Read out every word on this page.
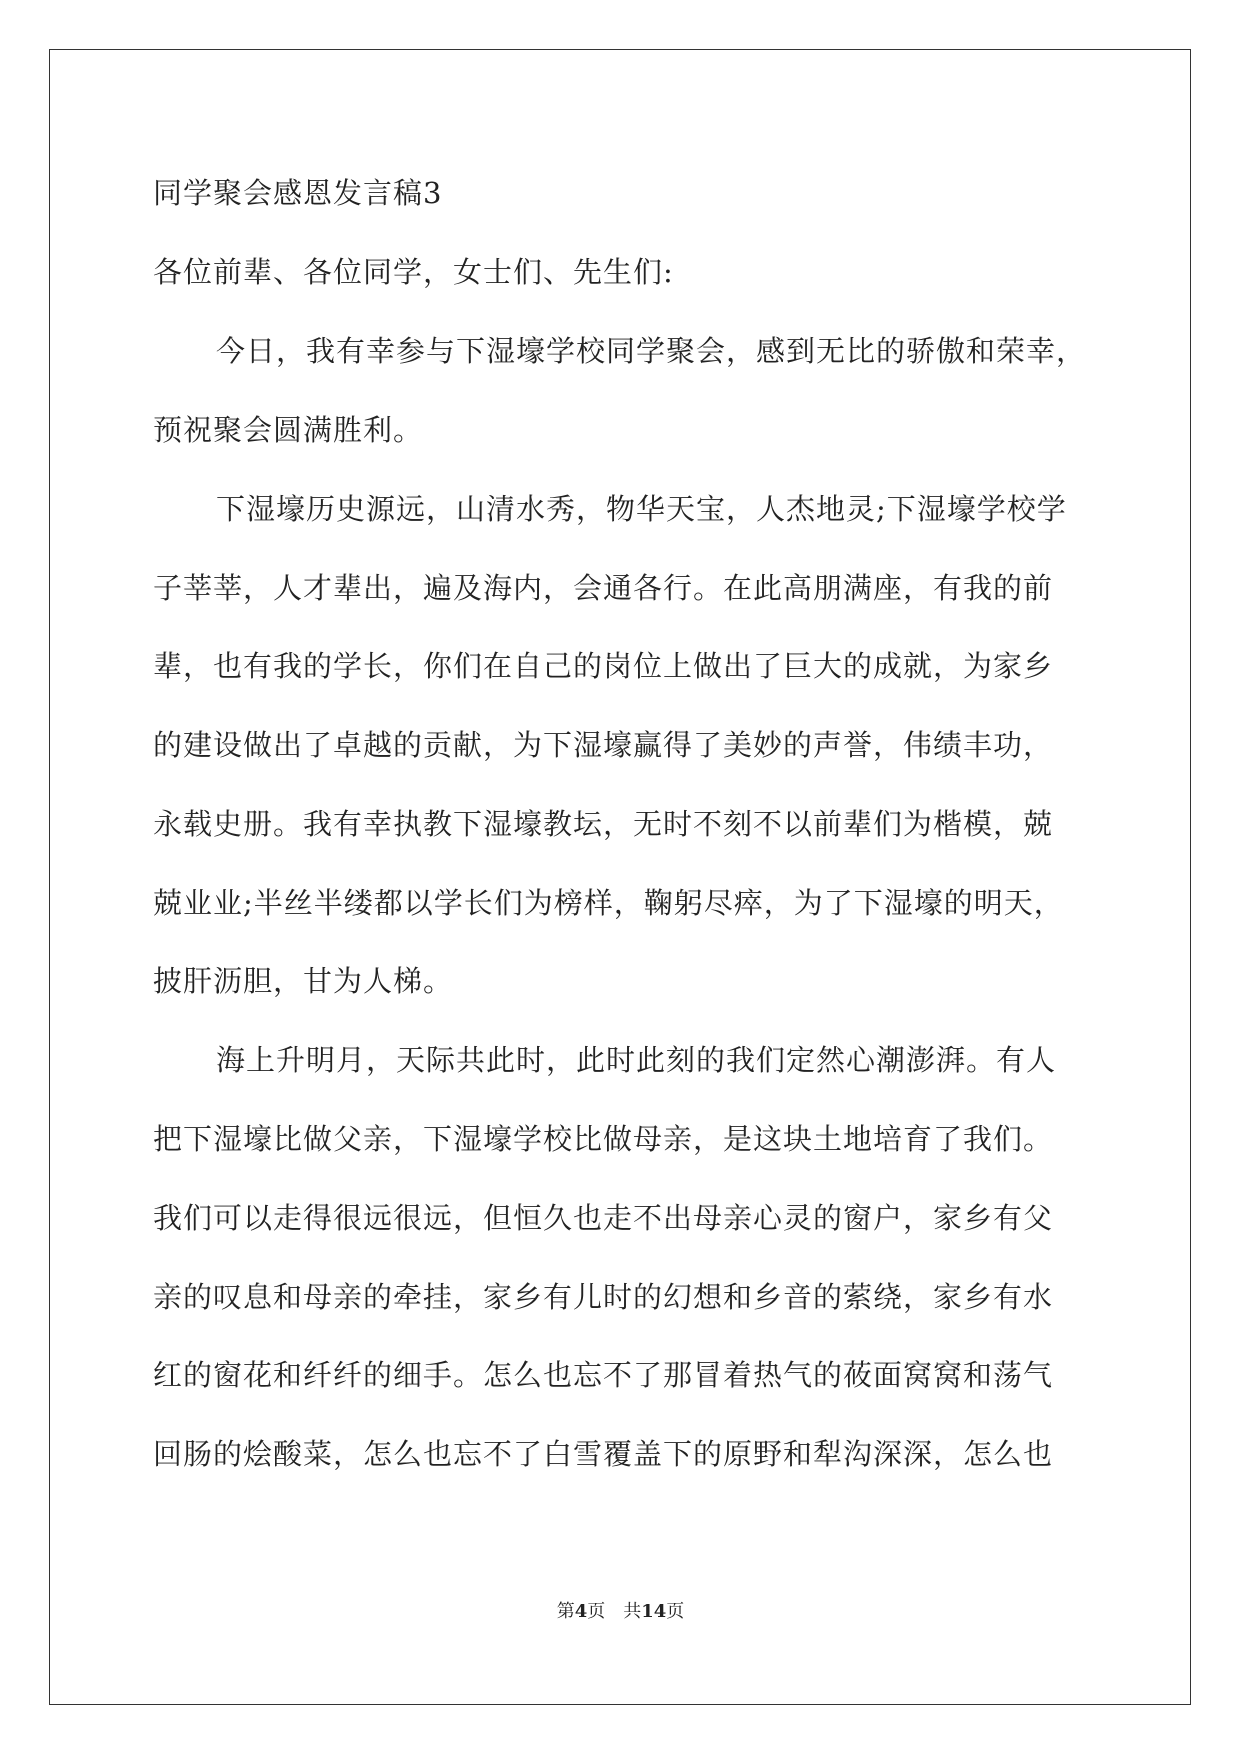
同学聚会感恩发言稿3

各位前辈、各位同学，女士们、先生们:

今日，我有幸参与下湿壕学校同学聚会，感到无比的骄傲和荣幸，

预祝聚会圆满胜利。

下湿壕历史源远，山清水秀，物华天宝，人杰地灵;下湿壕学校学

子莘莘，人才辈出，遍及海内，会通各行。在此高朋满座，有我的前

辈，也有我的学长，你们在自己的岗位上做出了巨大的成就，为家乡

的建设做出了卓越的贡献，为下湿壕赢得了美妙的声誉，伟绩丰功，

永载史册。我有幸执教下湿壕教坛，无时不刻不以前辈们为楷模，兢

兢业业;半丝半缕都以学长们为榜样，鞠躬尽瘁，为了下湿壕的明天，

披肝沥胆，甘为人梯。

海上升明月，天际共此时，此时此刻的我们定然心潮澎湃。有人

把下湿壕比做父亲，下湿壕学校比做母亲，是这块土地培育了我们。

我们可以走得很远很远，但恒久也走不出母亲心灵的窗户，家乡有父

亲的叹息和母亲的牵挂，家乡有儿时的幻想和乡音的萦绕，家乡有水

红的窗花和纤纤的细手。怎么也忘不了那冒着热气的莜面窝窝和荡气

回肠的烩酸菜，怎么也忘不了白雪覆盖下的原野和犁沟深深，怎么也

第4页 共14页
